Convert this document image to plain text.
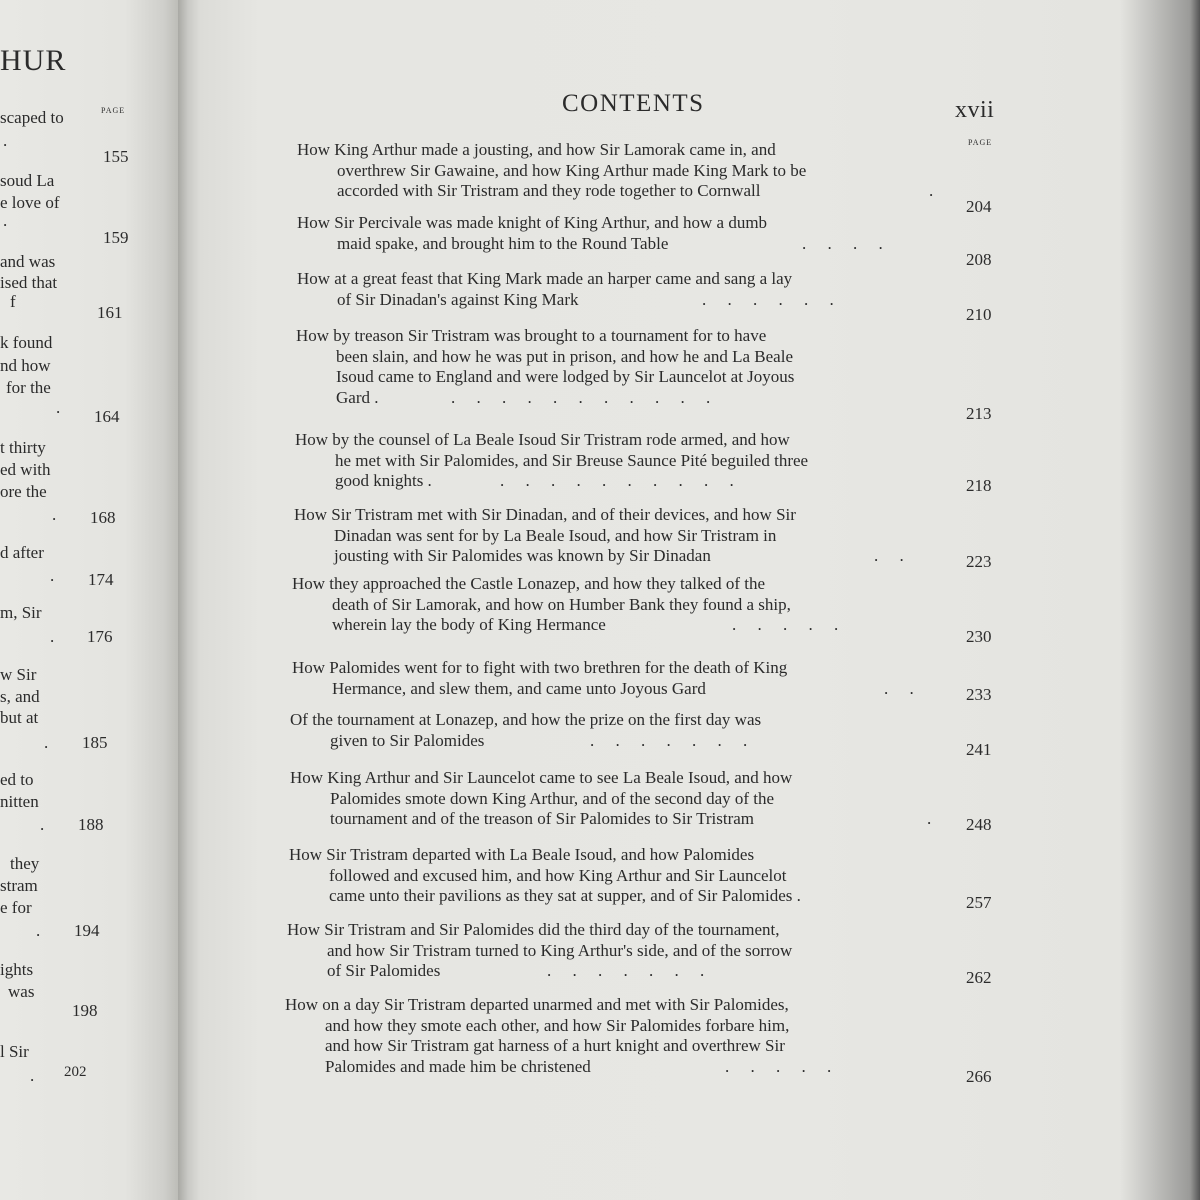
HUR
PAGE
scaped to
.
155
soud La
e love of
.
159
and was
ised that
f
161
k found
nd how
for the
. 164
t thirty
ed with
ore the
. 168
d after
. 174
m, Sir
. 176
w Sir
s, and
but at
. 185
ed to
nitten
. 188
they
stram
e for
. 194
ights
was
198
l Sir
. 202
CONTENTS	xvii
PAGE
How King Arthur made a jousting, and how Sir Lamorak came in, and
overthrew Sir Gawaine, and how King Arthur made King Mark to be
accorded with Sir Tristram and they rode together to Cornwall	.
204
How Sir Percivale was made knight of King Arthur, and how a dumb
maid spake, and brought him to the Round Table	.     .     .     .
208
How at a great feast that King Mark made an harper came and sang a lay
of Sir Dinadan's against King Mark	.     .     .     .     .     .
210
How by treason Sir Tristram was brought to a tournament for to have
been slain, and how he was put in prison, and how he and La Beale
Isoud came to England and were lodged by Sir Launcelot at Joyous
Gard .	.     .     .     .     .     .     .     .     .     .     .
213
How by the counsel of La Beale Isoud Sir Tristram rode armed, and how
he met with Sir Palomides, and Sir Breuse Saunce Pité beguiled three
good knights .	.     .     .     .     .     .     .     .     .     .	218
How Sir Tristram met with Sir Dinadan, and of their devices, and how Sir
Dinadan was sent for by La Beale Isoud, and how Sir Tristram in
jousting with Sir Palomides was known by Sir Dinadan	.     .	223
How they approached the Castle Lonazep, and how they talked of the
death of Sir Lamorak, and how on Humber Bank they found a ship,
wherein lay the body of King Hermance	.     .     .     .     .
230
How Palomides went for to fight with two brethren for the death of King
Hermance, and slew them, and came unto Joyous Gard	.     .	233
Of the tournament at Lonazep, and how the prize on the first day was
given to Sir Palomides	.     .     .     .     .     .     .	241
How King Arthur and Sir Launcelot came to see La Beale Isoud, and how
Palomides smote down King Arthur, and of the second day of the
tournament and of the treason of Sir Palomides to Sir Tristram	. 248
How Sir Tristram departed with La Beale Isoud, and how Palomides
followed and excused him, and how King Arthur and Sir Launcelot
came unto their pavilions as they sat at supper, and of Sir Palomides .	257
How Sir Tristram and Sir Palomides did the third day of the tournament,
and how Sir Tristram turned to King Arthur's side, and of the sorrow
of Sir Palomides	.     .     .     .     .     .     .	262
How on a day Sir Tristram departed unarmed and met with Sir Palomides,
and how they smote each other, and how Sir Palomides forbare him,
and how Sir Tristram gat harness of a hurt knight and overthrew Sir
Palomides and made him be christened	.     .     .     .     .
266
